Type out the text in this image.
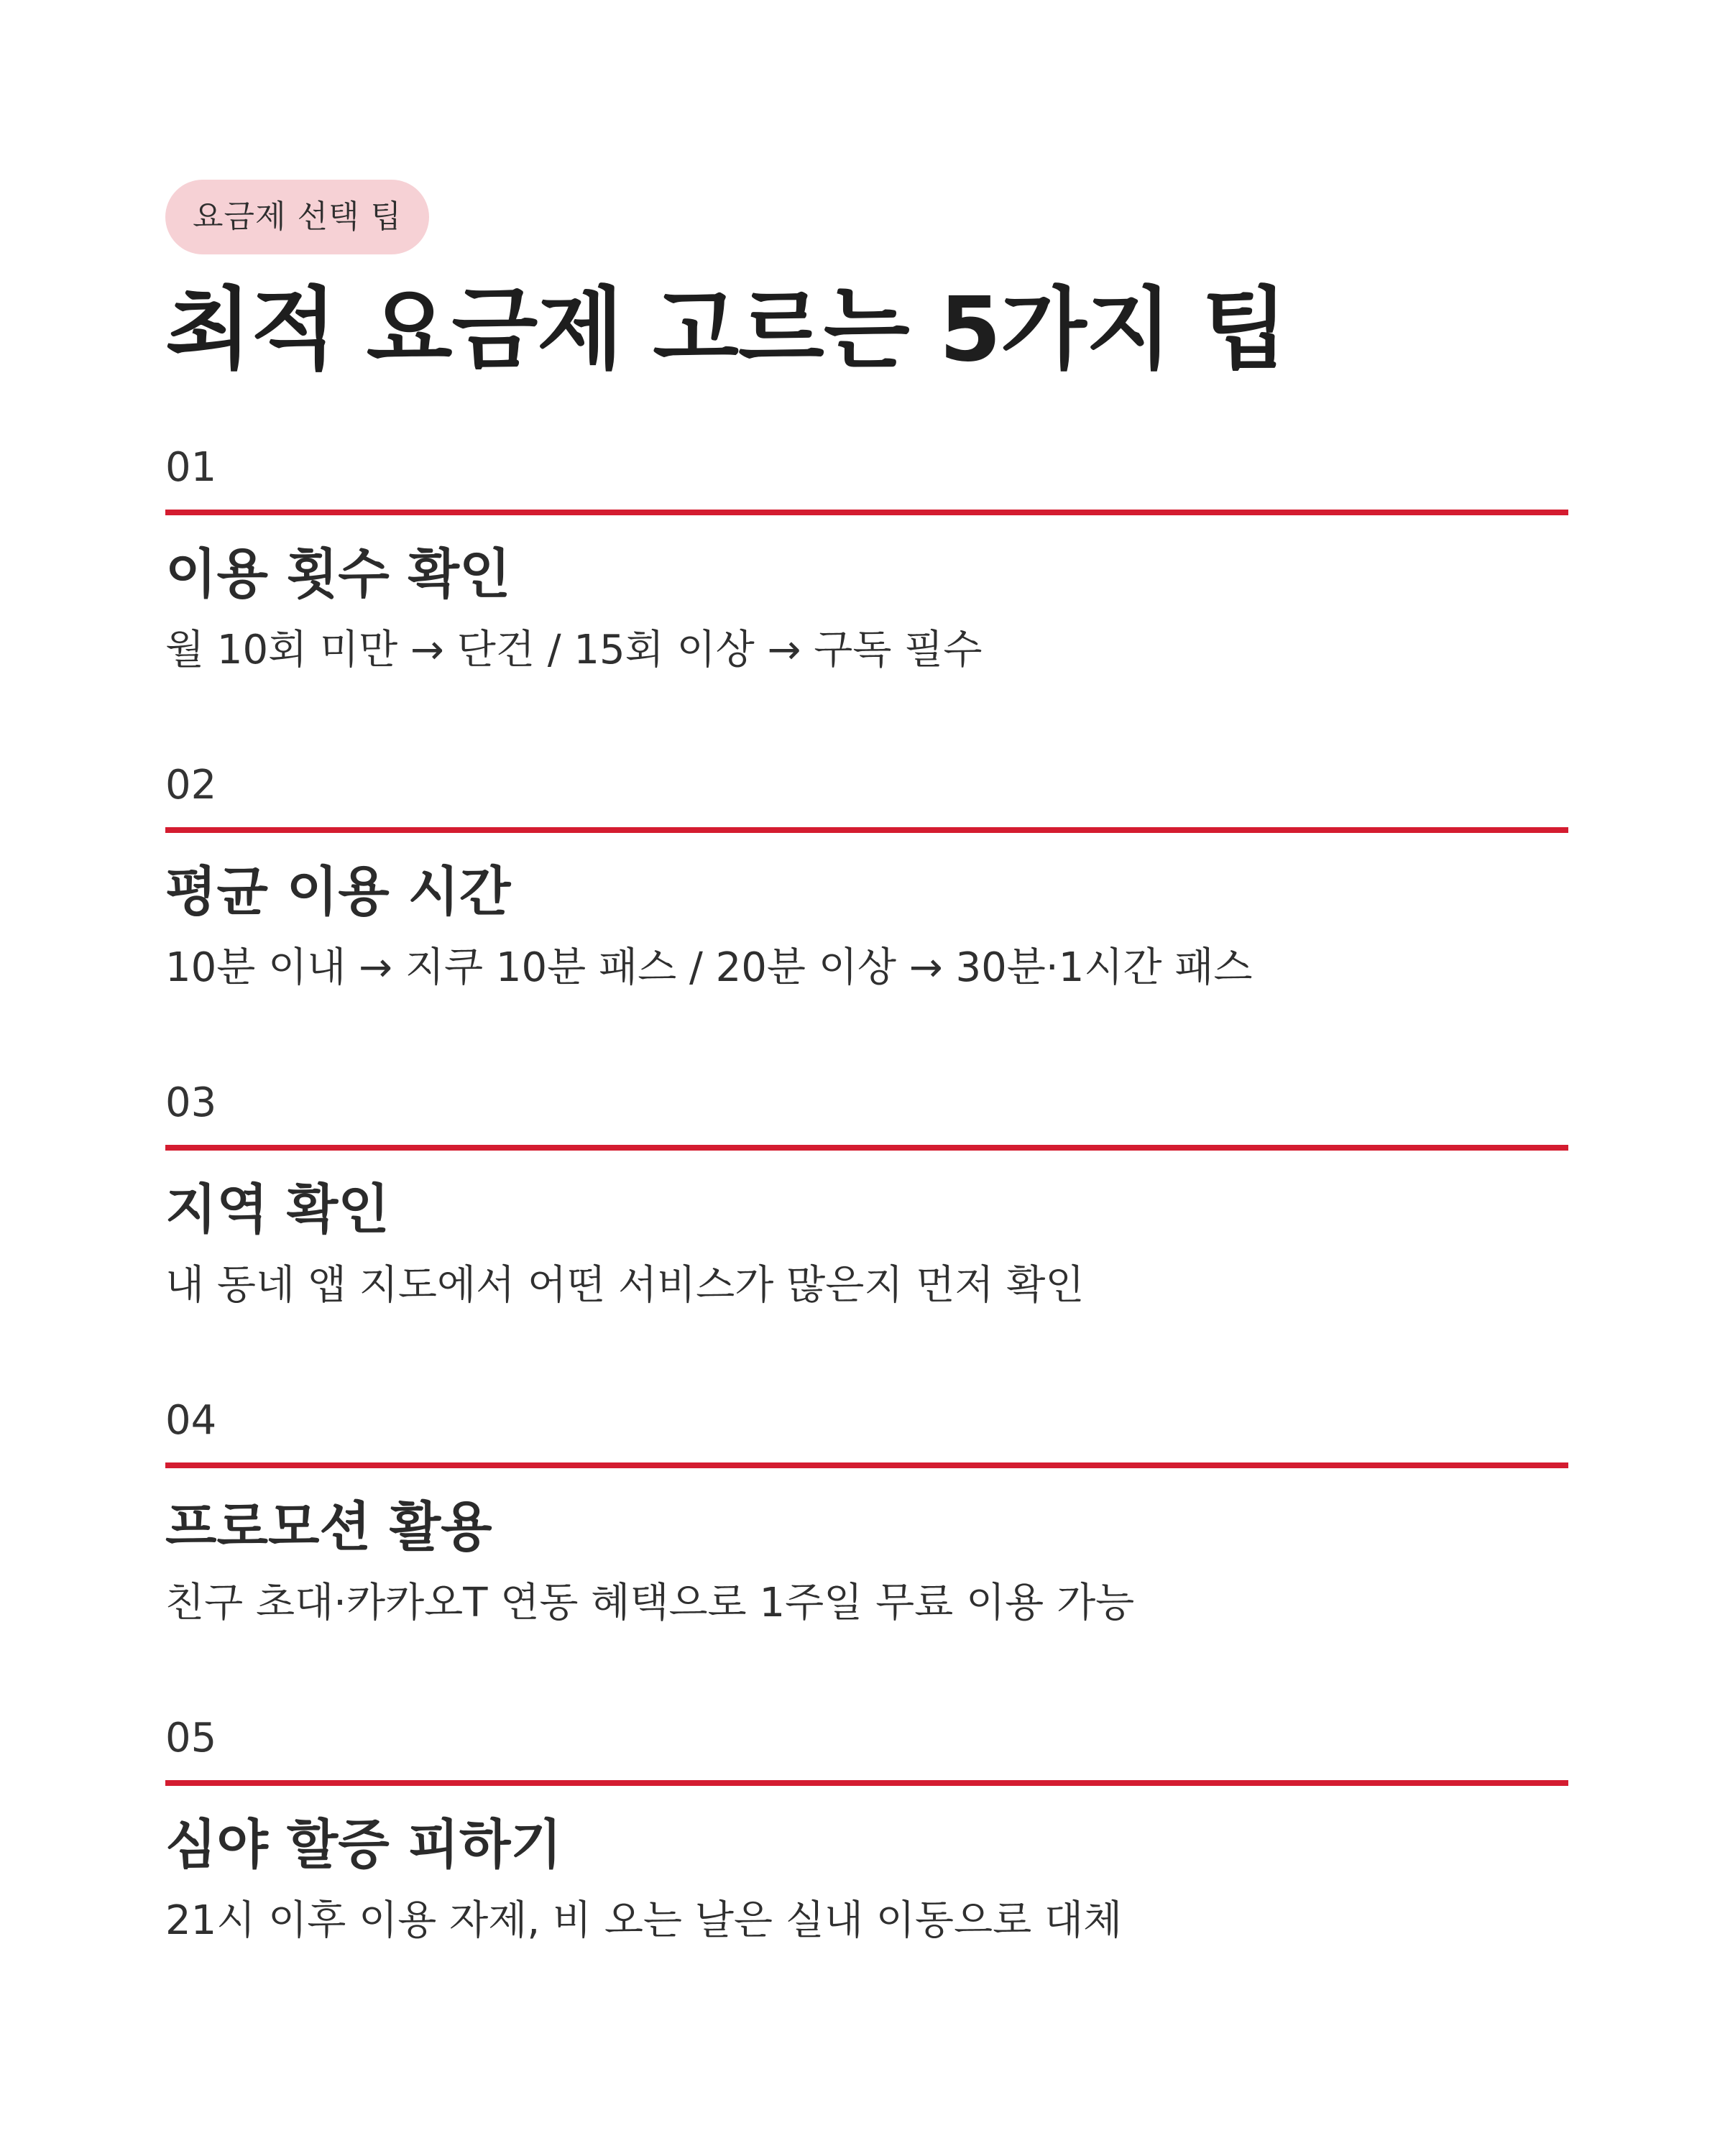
요금제 선택 팁
최적 요금제 고르는 5가지 팁
01
이용 횟수 확인
월 10회 미만 → 단건 / 15회 이상 → 구독 필수
02
평균 이용 시간
10분 이내 → 지쿠 10분 패스 / 20분 이상 → 30분·1시간 패스
03
지역 확인
내 동네 앱 지도에서 어떤 서비스가 많은지 먼저 확인
04
프로모션 활용
친구 초대·카카오T 연동 혜택으로 1주일 무료 이용 가능
05
심야 할증 피하기
21시 이후 이용 자제, 비 오는 날은 실내 이동으로 대체
